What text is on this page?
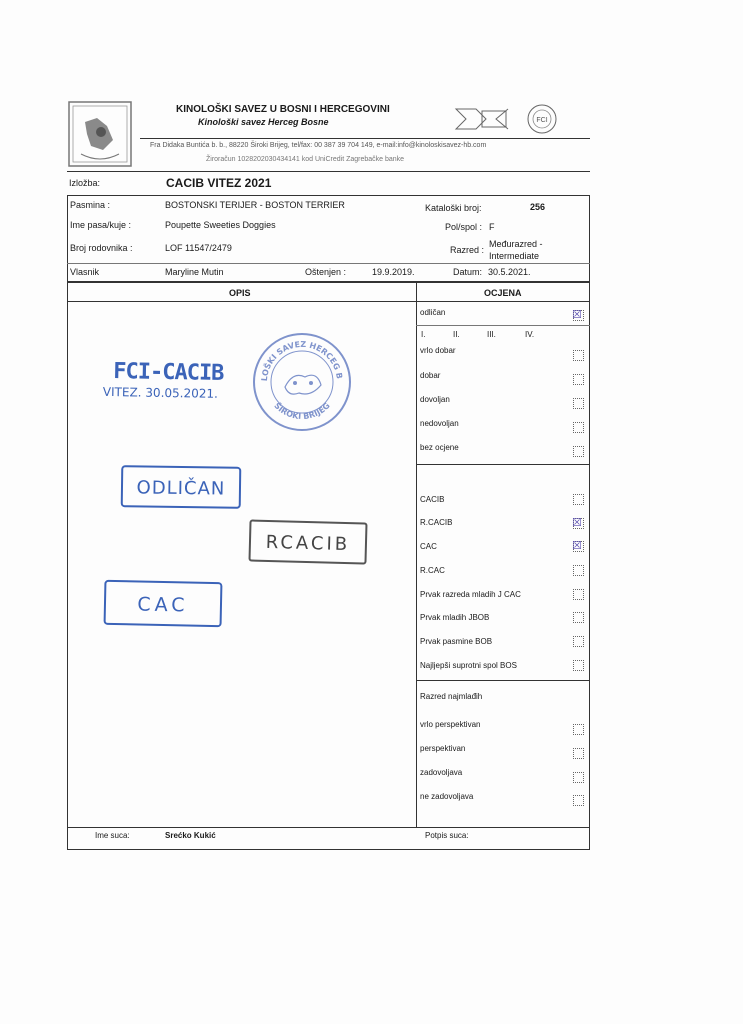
KINOLOŠKI SAVEZ U BOSNI I HERCEGOVINI
Kinološki savez Herceg Bosne	FCI
Fra Didaka Buntića b. b., 88220 Široki Brijeg, tel/fax: 00 387 39 704 149, e-mail:info@kinoloskisavez-hb.com
Žiroračun 1028202030434141 kod UniCredit Zagrebačke banke
Izložba:	CACIB VITEZ 2021
Pasmina :	BOSTONSKI TERIJER - BOSTON TERRIER	Kataloški broj:	256
Ime pasa/kuje :	Poupette Sweeties Doggies	Pol/spol : F
Broj rodovnika :	LOF 11547/2479	Razred :
Međurazred -
Intermediate
Vlasnik	Maryline Mutin	Oštenjen :	19.9.2019.	Datum: 30.5.2021.
OPIS	OCJENA
odličan	☒
I.	II.	III.	IV.
vrlo dobar
dobar
dovoljan
nedovoljan
bez ocjene
CACIB
R.CACIB	☒
CAC	☒
R.CAC
Prvak razreda mladih J CAC
Prvak mladih JBOB
Prvak pasmine BOB
Najljepši suprotni spol BOS
Razred najmlađih
vrlo perspektivan
perspektivan
zadovoljava
ne zadovoljava
Ime suca:	Srećko Kukić	Potpis suca:
FCI-CACIB
VITEZ. 30.05.2021.
LOŠKI SAVEZ HERCEG B
ŠIROKI BRIJEG
ODLIČAN
RCACIB
CAC
